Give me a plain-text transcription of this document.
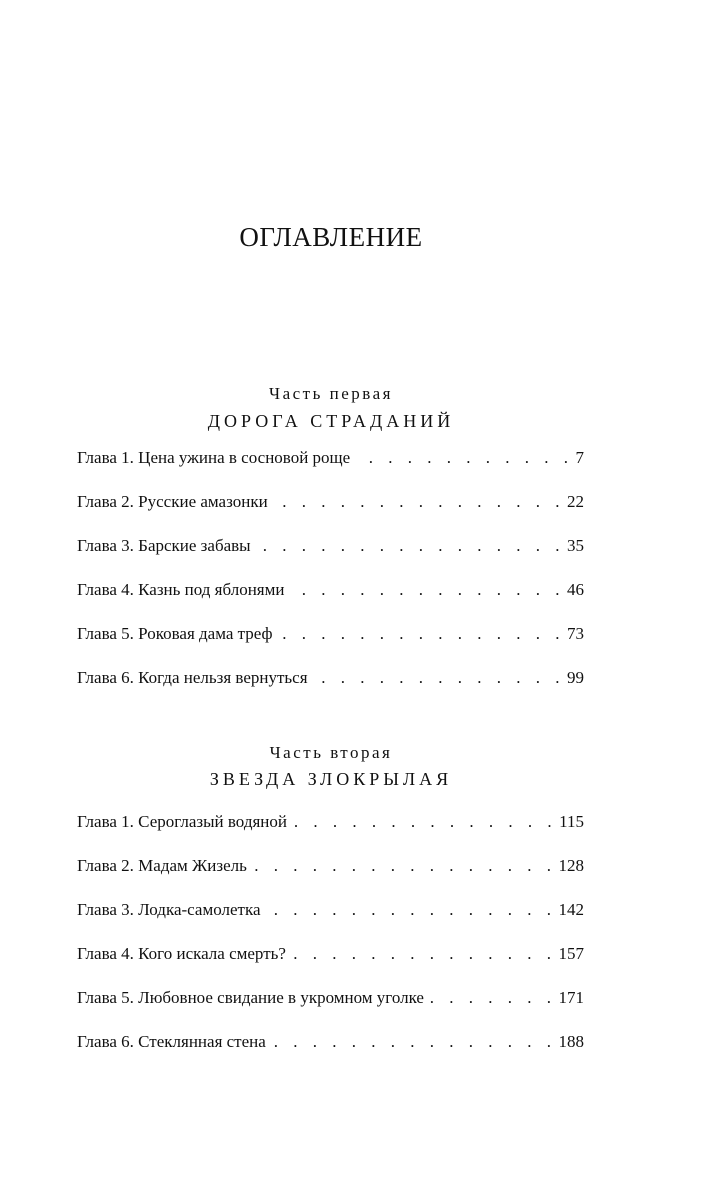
ОГЛАВЛЕНИЕ

Часть первая

ДОРОГА СТРАДАНИЙ

Глава 1. Цена ужина в сосновой роще . . .	7
Глава 2. Русские амазонки . . .	22
Глава 3. Барские забавы . . .	35
Глава 4. Казнь под яблонями . . .	46
Глава 5. Роковая дама треф . . .	73
Глава 6. Когда нельзя вернуться . . .	99

Часть вторая

ЗВЕЗДА ЗЛОКРЫЛАЯ

Глава 1. Сероглазый водяной . . .	115
Глава 2. Мадам Жизель . . .	128
Глава 3. Лодка-самолетка . . .	142
Глава 4. Кого искала смерть? . . .	157
Глава 5. Любовное свидание в укромном уголке . . .	171
Глава 6. Стеклянная стена . . .	188
